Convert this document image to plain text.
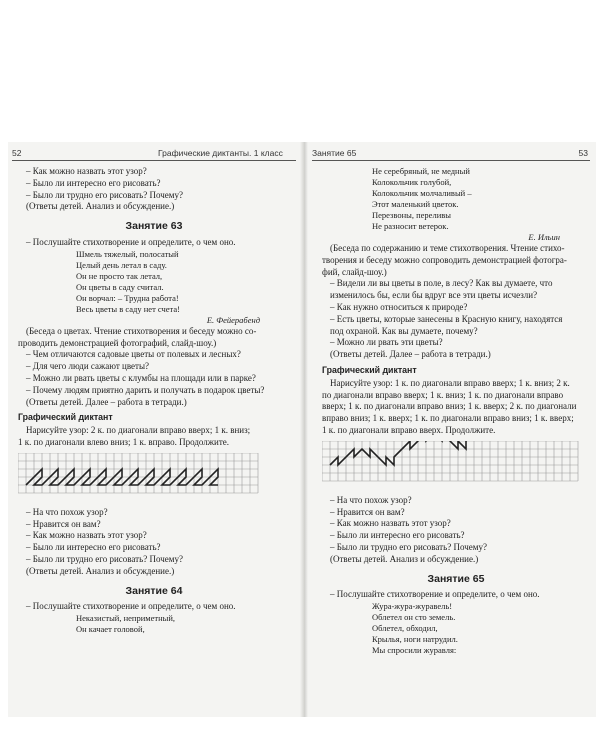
52	Графические диктанты. 1 класс
– Как можно назвать этот узор?
– Было ли интересно его рисовать?
– Было ли трудно его рисовать? Почему?
(Ответы детей. Анализ и обсуждение.)
Занятие 63
– Послушайте стихотворение и определите, о чем оно.
Шмель тяжелый, полосатый
Целый день летал в саду.
Он не просто так летал,
Он цветы в саду считал.
Он ворчал: – Трудна работа!
Весь цветы в саду нет счета!
Е. Фейерабенд
(Беседа о цветах. Чтение стихотворения и беседу можно со-
проводить демонстрацией фотографий, слайд-шоу.)
– Чем отличаются садовые цветы от полевых и лесных?
– Для чего люди сажают цветы?
– Можно ли рвать цветы с клумбы на площади или в парке?
– Почему людям приятно дарить и получать в подарок цветы?
(Ответы детей. Далее – работа в тетради.)
Графический диктант
Нарисуйте узор: 2 к. по диагонали вправо вверх; 1 к. вниз;
1 к. по диагонали влево вниз; 1 к. вправо. Продолжите.
– На что похож узор?
– Нравится он вам?
– Как можно назвать этот узор?
– Было ли интересно его рисовать?
– Было ли трудно его рисовать? Почему?
(Ответы детей. Анализ и обсуждение.)
Занятие 64
– Послушайте стихотворение и определите, о чем оно.
Неказистый, неприметный,
Он качает головой,
Занятие 65	53
Не серебряный, не медный
Колокольчик голубой,
Колокольчик молчаливый –
Этот маленький цветок.
Перезвоны, переливы
Не разносит ветерок.
Е. Ильин
(Беседа по содержанию и теме стихотворения. Чтение стихо-
творения и беседу можно сопроводить демонстрацией фотогра-
фий, слайд-шоу.)
– Видели ли вы цветы в поле, в лесу? Как вы думаете, что
изменилось бы, если бы вдруг все эти цветы исчезли?
– Как нужно относиться к природе?
– Есть цветы, которые занесены в Красную книгу, находятся
под охраной. Как вы думаете, почему?
– Можно ли рвать эти цветы?
(Ответы детей. Далее – работа в тетради.)
Графический диктант
Нарисуйте узор: 1 к. по диагонали вправо вверх; 1 к. вниз; 2 к.
по диагонали вправо вверх; 1 к. вниз; 1 к. по диагонали вправо
вверх; 1 к. по диагонали вправо вниз; 1 к. вверх; 2 к. по диагонали
вправо вниз; 1 к. вверх; 1 к. по диагонали вправо вниз; 1 к. вверх;
1 к. по диагонали вправо вверх. Продолжите.
– На что похож узор?
– Нравится он вам?
– Как можно назвать этот узор?
– Было ли интересно его рисовать?
– Было ли трудно его рисовать? Почему?
(Ответы детей. Анализ и обсуждение.)
Занятие 65
– Послушайте стихотворение и определите, о чем оно.
Жура-жура-журавель!
Облетел он сто земель.
Облетел, обходил,
Крылья, ноги натрудил.
Мы спросили журавля:
